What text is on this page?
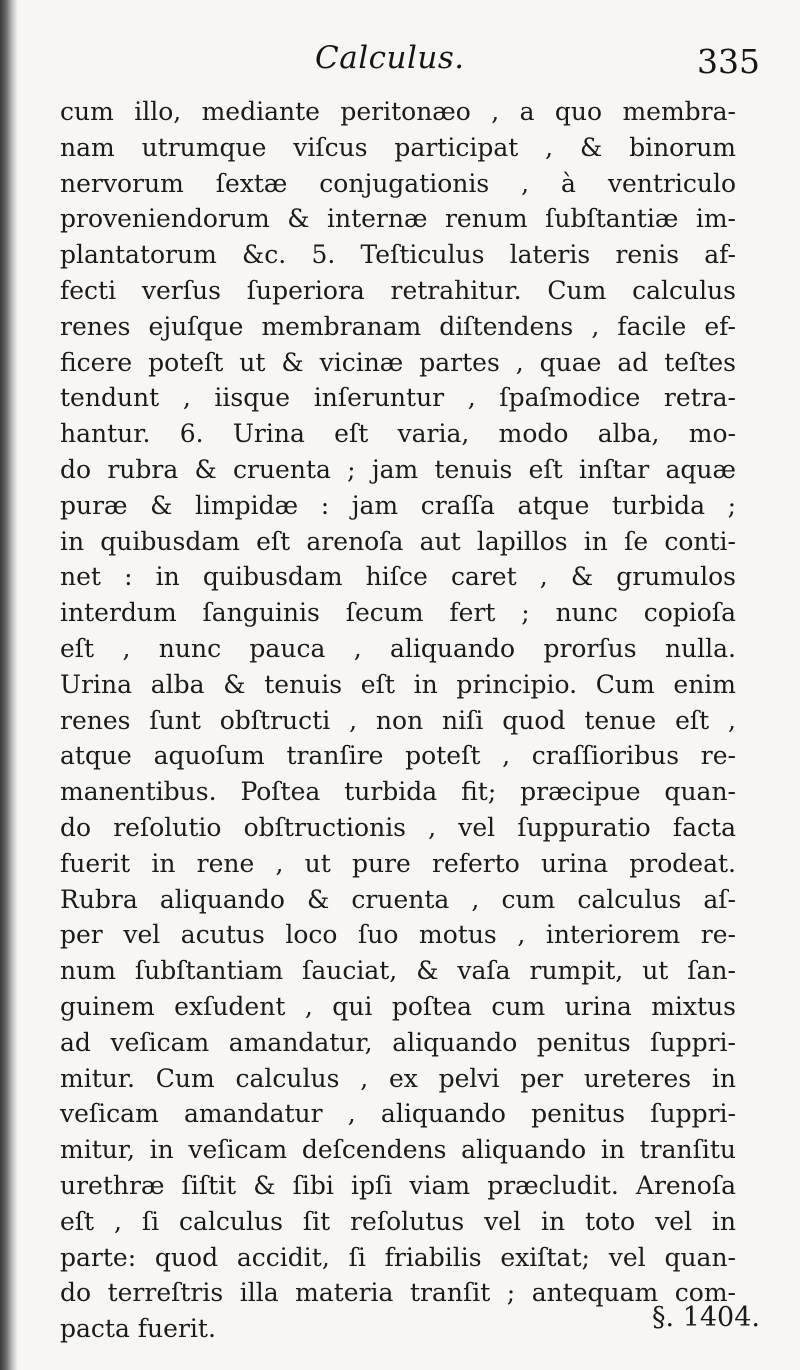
Calculus.	335
cum illo, mediante peritonæo , a quo membra-
nam utrumque viſcus participat , & binorum
nervorum ſextæ conjugationis , à ventriculo
proveniendorum & internæ renum ſubſtantiæ im-
plantatorum &c. 5. Teſticulus lateris renis af-
fecti verſus ſuperiora retrahitur. Cum calculus
renes ejuſque membranam diſtendens , facile ef-
ficere poteſt ut & vicinæ partes , quae ad teſtes
tendunt , iisque inſeruntur , ſpaſmodice retra-
hantur. 6. Urina eſt varia, modo alba, mo-
do rubra & cruenta ; jam tenuis eſt inſtar aquæ
puræ & limpidæ : jam craſſa atque turbida ;
in quibusdam eſt arenoſa aut lapillos in ſe conti-
net : in quibusdam hiſce caret , & grumulos
interdum ſanguinis ſecum fert ; nunc copioſa
eſt , nunc pauca , aliquando prorſus nulla.
Urina alba & tenuis eſt in principio. Cum enim
renes ſunt obſtructi , non niſi quod tenue eſt ,
atque aquoſum tranſire poteſt , craſſioribus re-
manentibus. Poſtea turbida fit; præcipue quan-
do reſolutio obſtructionis , vel ſuppuratio facta
fuerit in rene , ut pure referto urina prodeat.
Rubra aliquando & cruenta , cum calculus aſ-
per vel acutus loco ſuo motus , interiorem re-
num ſubſtantiam ſauciat, & vaſa rumpit, ut ſan-
guinem exſudent , qui poſtea cum urina mixtus
ad veſicam amandatur, aliquando penitus ſuppri-
mitur. Cum calculus , ex pelvi per ureteres in
veſicam amandatur , aliquando penitus ſuppri-
mitur, in veſicam deſcendens aliquando in tranſitu
urethræ ſiſtit & ſibi ipſi viam præcludit. Arenoſa
eſt , ſi calculus ſit reſolutus vel in toto vel in
parte: quod accidit, ſi friabilis exiſtat; vel quan-
do terreſtris illa materia tranſit ; antequam com-
pacta fuerit.	§. 1404.
